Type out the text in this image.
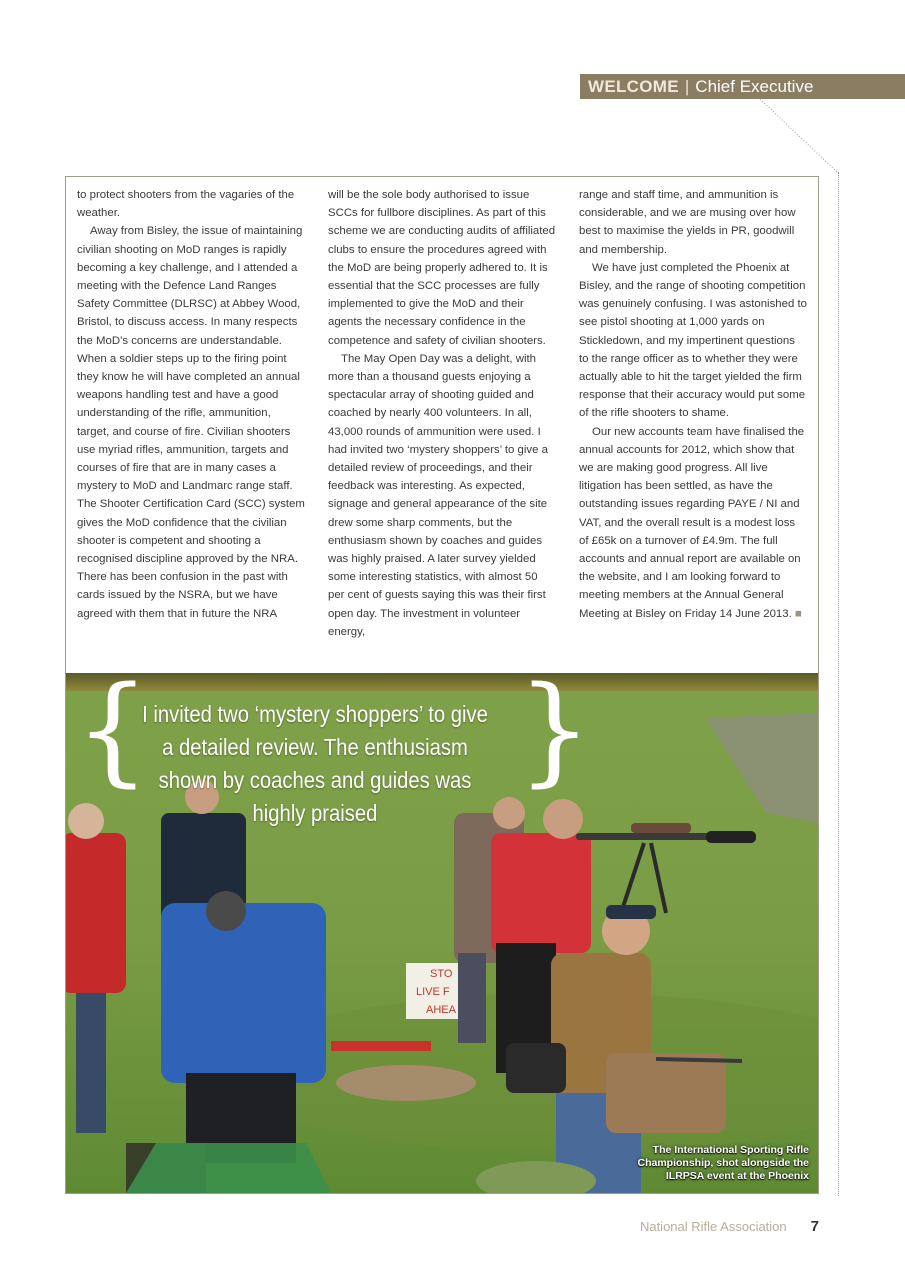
WELCOME | Chief Executive

to protect shooters from the vagaries of the weather.

Away from Bisley, the issue of maintaining civilian shooting on MoD ranges is rapidly becoming a key challenge, and I attended a meeting with the Defence Land Ranges Safety Committee (DLRSC) at Abbey Wood, Bristol, to discuss access. In many respects the MoD’s concerns are understandable. When a soldier steps up to the firing point they know he will have completed an annual weapons handling test and have a good understanding of the rifle, ammunition, target, and course of fire. Civilian shooters use myriad rifles, ammunition, targets and courses of fire that are in many cases a mystery to MoD and Landmarc range staff. The Shooter Certification Card (SCC) system gives the MoD confidence that the civilian shooter is competent and shooting a recognised discipline approved by the NRA. There has been confusion in the past with cards issued by the NSRA, but we have agreed with them that in future the NRA

will be the sole body authorised to issue SCCs for fullbore disciplines. As part of this scheme we are conducting audits of affiliated clubs to ensure the procedures agreed with the MoD are being properly adhered to. It is essential that the SCC processes are fully implemented to give the MoD and their agents the necessary confidence in the competence and safety of civilian shooters.

The May Open Day was a delight, with more than a thousand guests enjoying a spectacular array of shooting guided and coached by nearly 400 volunteers. In all, 43,000 rounds of ammunition were used. I had invited two ‘mystery shoppers’ to give a detailed review of proceedings, and their feedback was interesting. As expected, signage and general appearance of the site drew some sharp comments, but the enthusiasm shown by coaches and guides was highly praised. A later survey yielded some interesting statistics, with almost 50 per cent of guests saying this was their first open day. The investment in volunteer energy,

range and staff time, and ammunition is considerable, and we are musing over how best to maximise the yields in PR, goodwill and membership.

We have just completed the Phoenix at Bisley, and the range of shooting competition was genuinely confusing. I was astonished to see pistol shooting at 1,000 yards on Stickledown, and my impertinent questions to the range officer as to whether they were actually able to hit the target yielded the firm response that their accuracy would put some of the rifle shooters to shame.

Our new accounts team have finalised the annual accounts for 2012, which show that we are making good progress. All live litigation has been settled, as have the outstanding issues regarding PAYE / NI and VAT, and the overall result is a modest loss of £65k on a turnover of £4.9m. The full accounts and annual report are available on the website, and I am looking forward to meeting members at the Annual General Meeting at Bisley on Friday 14 June 2013. ■

STO
LIVE F
AHEA
{
I invited two ‘mystery shoppers’ to give a detailed review. The enthusiasm shown by coaches and guides was highly praised
}
The International Sporting Rifle Championship, shot alongside the ILRPSA event at the Phoenix
National Rifle Association 7
